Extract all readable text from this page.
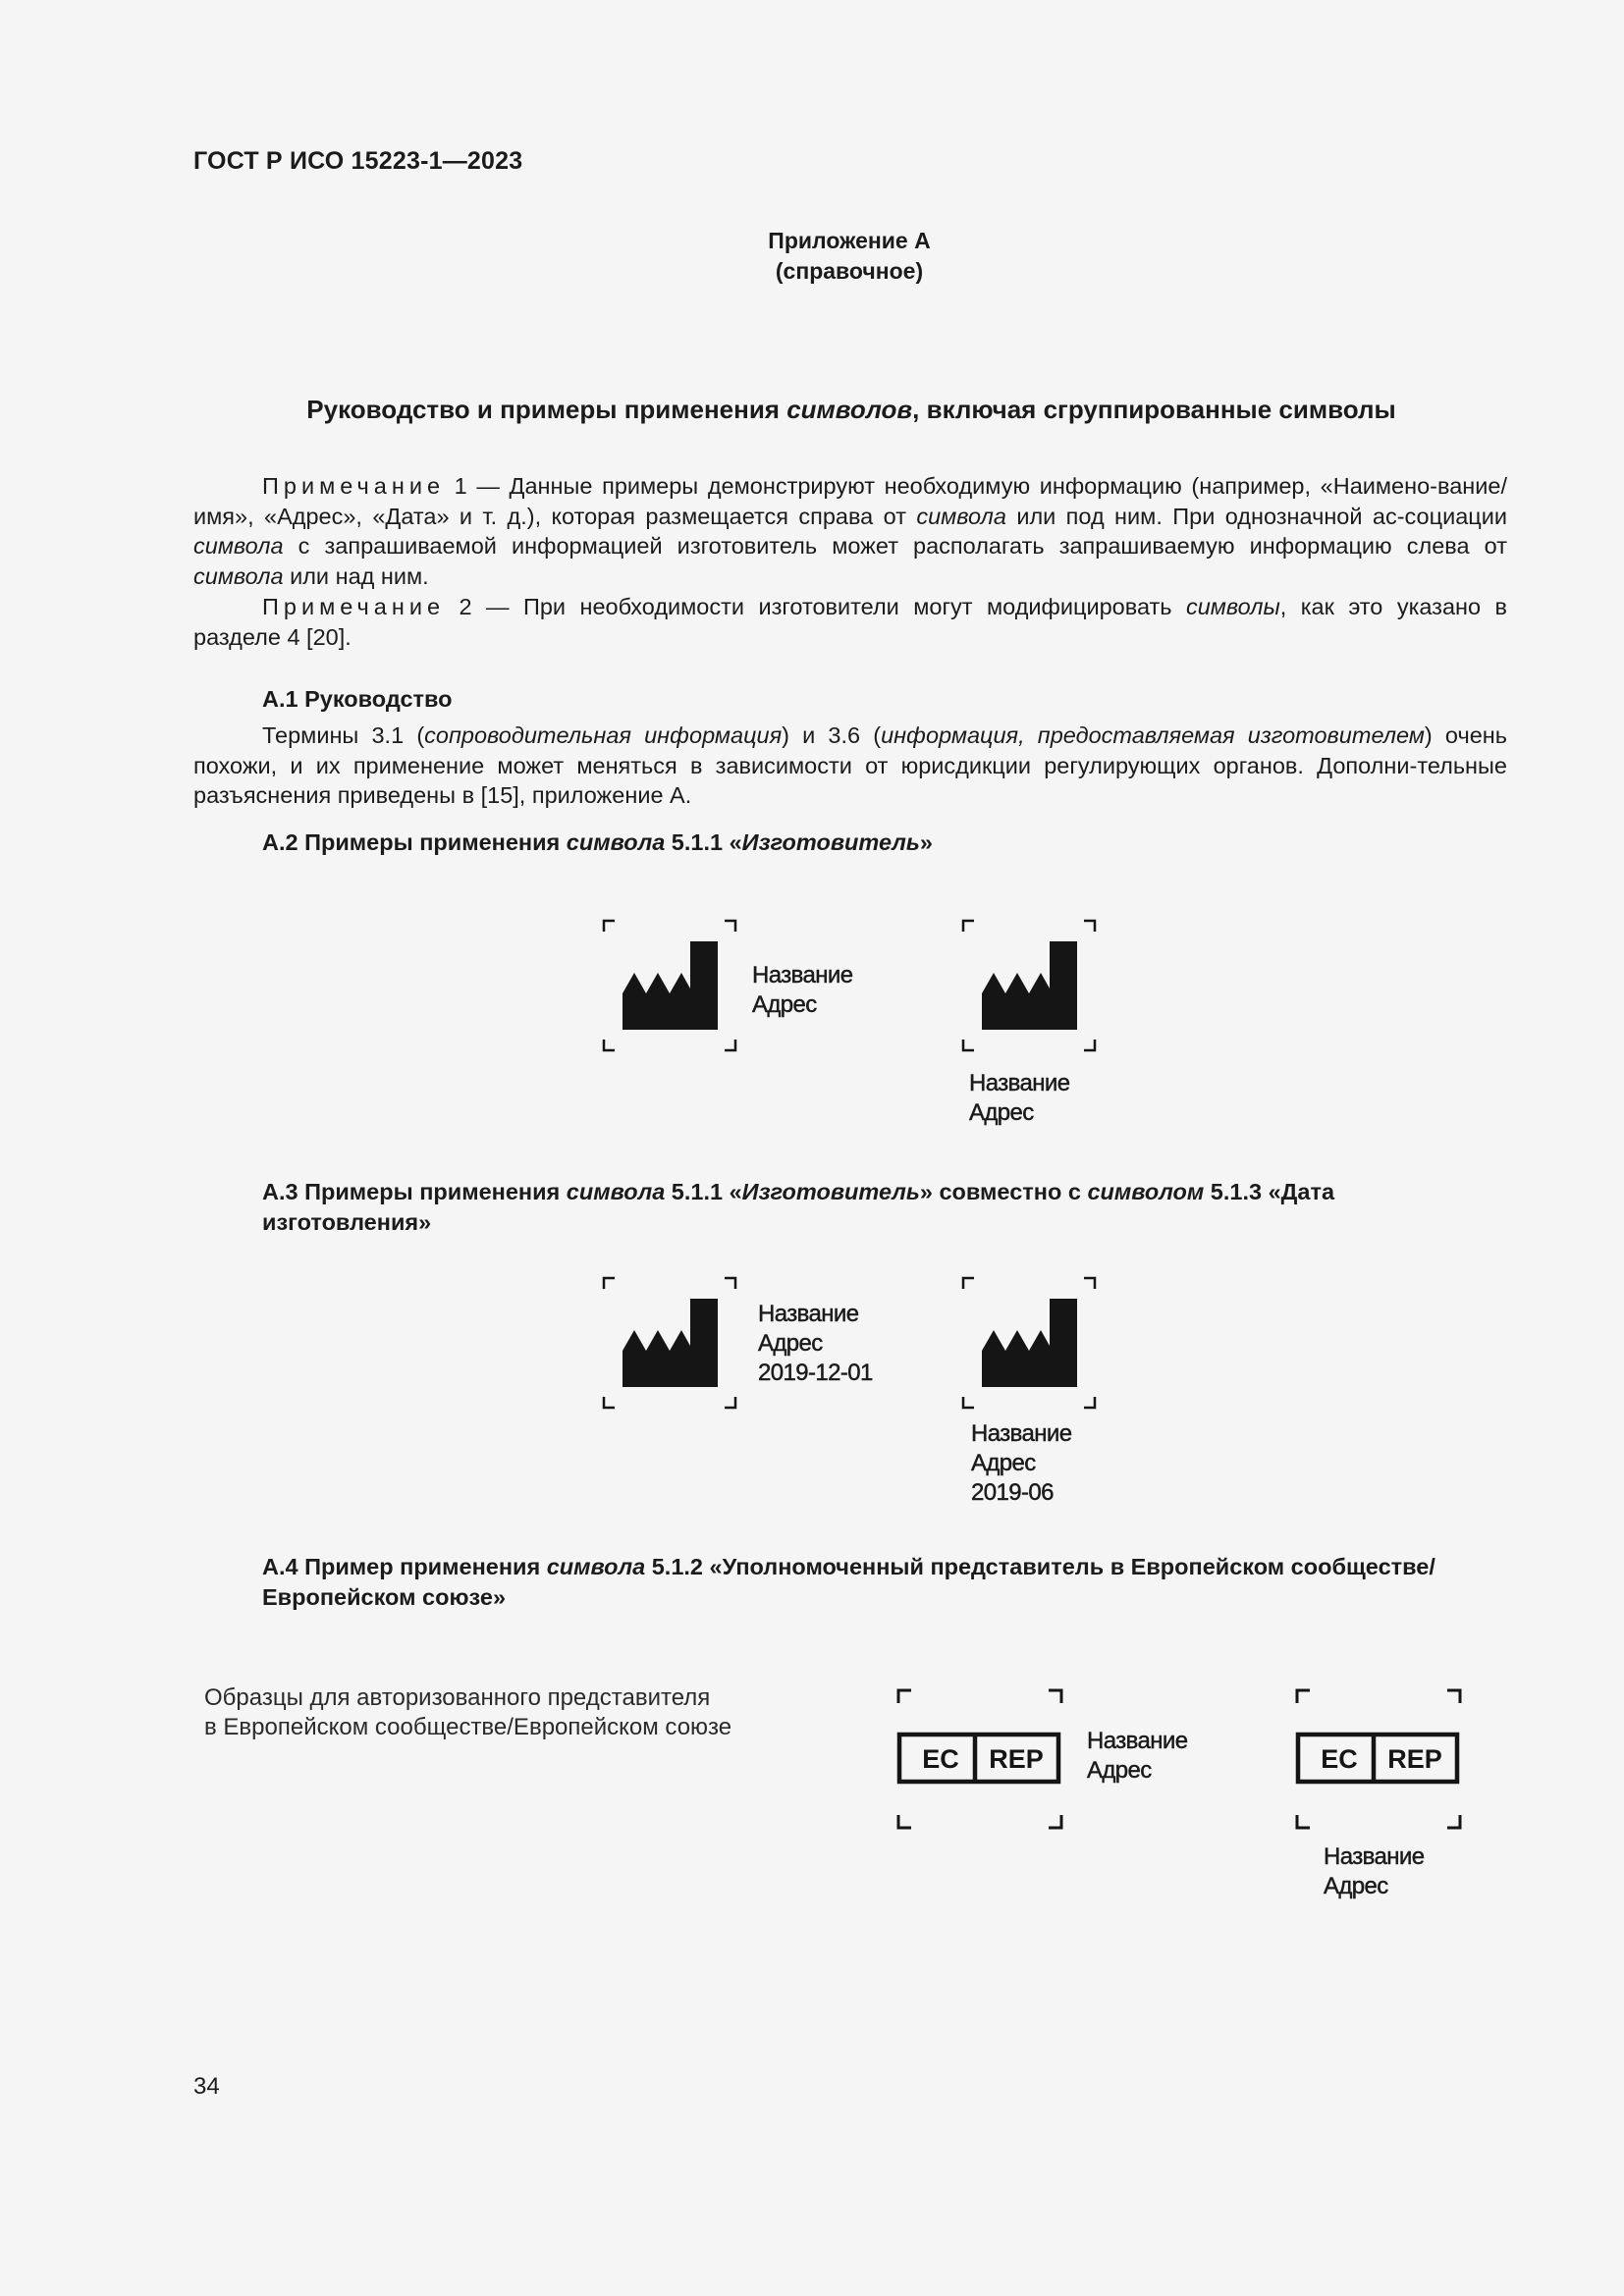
ГОСТ Р ИСО 15223-1—2023
Приложение А
(справочное)
Руководство и примеры применения символов, включая сгруппированные символы

Примечание 1 — Данные примеры демонстрируют необходимую информацию (например, «Наимено-вание/имя», «Адрес», «Дата» и т. д.), которая размещается справа от символа или под ним. При однозначной ас-социации символа с запрашиваемой информацией изготовитель может располагать запрашиваемую информацию слева от символа или над ним.

Примечание 2 — При необходимости изготовители могут модифицировать символы, как это указано в разделе 4 [20].

А.1 Руководство

Термины 3.1 (сопроводительная информация) и 3.6 (информация, предоставляемая изготовителем) очень похожи, и их применение может меняться в зависимости от юрисдикции регулирующих органов. Дополни-тельные разъяснения приведены в [15], приложение А.

А.2 Примеры применения символа 5.1.1 «Изготовитель»

Название
Адрес
Название
Адрес

А.3 Примеры применения символа 5.1.1 «Изготовитель» совместно с символом 5.1.3 «Дата изготовления»

Название
Адрес
2019-12-01
Название
Адрес
2019-06

А.4 Пример применения символа 5.1.2 «Уполномоченный представитель в Европейском сообществе/Европейском союзе»

Образцы для авторизованного представителя
в Европейском сообществе/Европейском союзе
EC REP
Название
Адрес	EC REP
Название
Адрес
34
